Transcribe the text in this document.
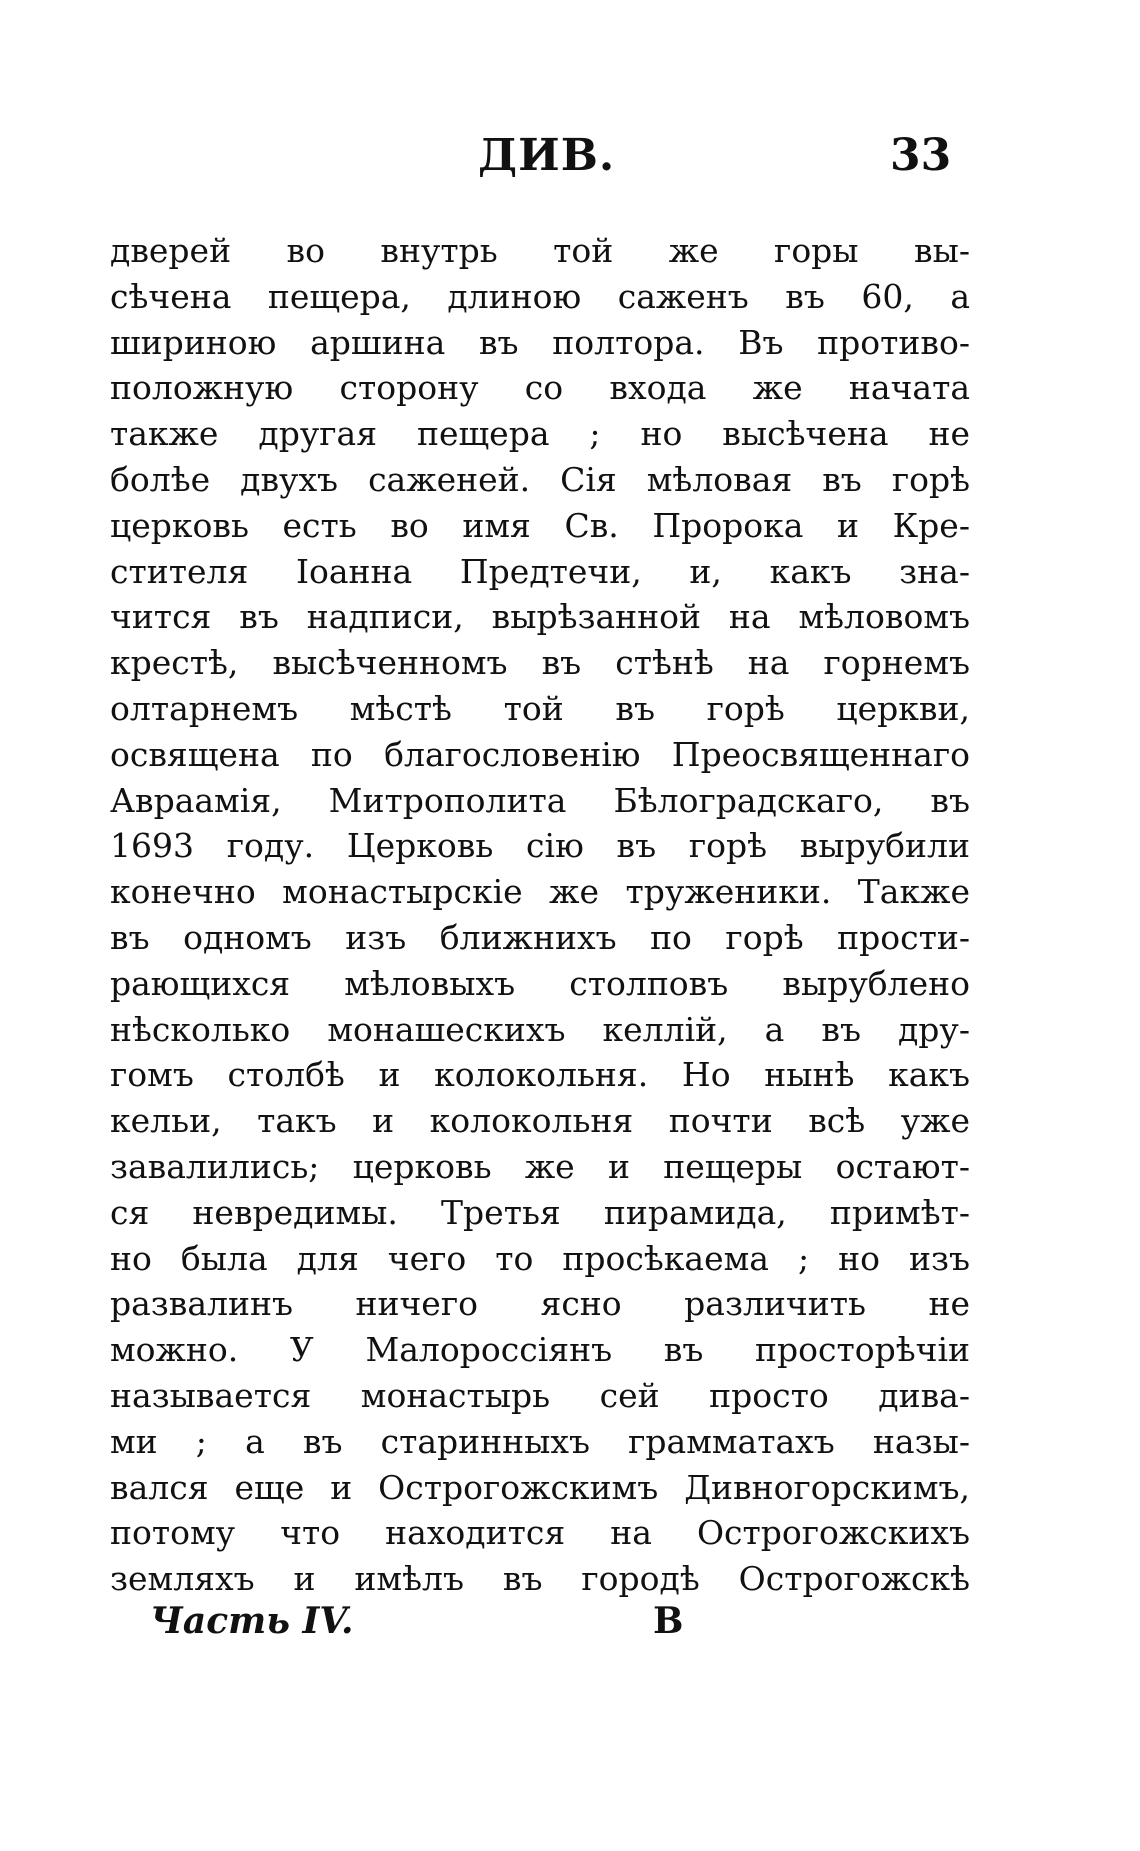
ДИВ.	33
дверей во внутрь той же горы вы-
сѣчена пещера, длиною саженъ въ 60, а
шириною аршина въ полтора. Въ противо-
положную сторону со входа же начата
также другая пещера ; но высѣчена не
болѣе двухъ саженей. Сія мѣловая въ горѣ
церковь есть во имя Св. Пророка и Кре-
стителя Іоанна Предтечи, и, какъ зна-
чится въ надписи, вырѣзанной на мѣловомъ
крестѣ, высѣченномъ въ стѣнѣ на горнемъ
олтарнемъ мѣстѣ той въ горѣ церкви,
освящена по благословенію Преосвященнаго
Авраамія, Митрополита Бѣлоградскаго, въ
1693 году. Церковь сію въ горѣ вырубили
конечно монастырскіе же труженики. Также
въ одномъ изъ ближнихъ по горѣ прости-
рающихся мѣловыхъ столповъ вырублено
нѣсколько монашескихъ келлій, а въ дру-
гомъ столбѣ и колокольня. Но нынѣ какъ
кельи, такъ и колокольня почти всѣ уже
завалились; церковь же и пещеры остают-
ся невредимы. Третья пирамида, примѣт-
но была для чего то просѣкаема ; но изъ
развалинъ ничего ясно различить не
можно. У Малороссіянъ въ просторѣчіи
называется монастырь сей просто дива-
ми ; а въ старинныхъ грамматахъ назы-
вался еще и Острогожскимъ Дивногорскимъ,
потому что находится на Острогожскихъ
земляхъ и имѣлъ въ городѣ Острогожскѣ
Часть IV.	В
